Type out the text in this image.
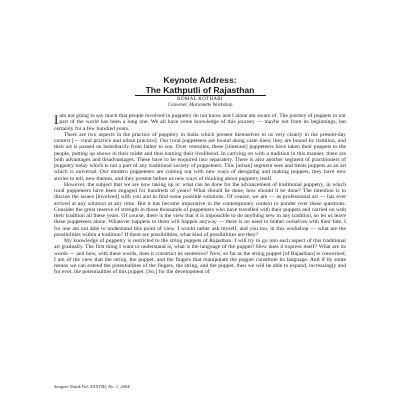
Keynote Address:
The Kathputli of Rajasthan

KOMAL KOTHARI

Convener, Marionette Workshop

Iam not going to say much that people involved in puppetry do not know and I alone am aware of. The journey of puppets in our part of the world has been a long one. We all have some knowledge of this journey — maybe not from its beginnings, but certainly for a few hundred years.

There are two aspects in the practice of puppetry in India which present themselves to us very clearly in the present-day context [— rural practice and urban practice]. Our rural puppeteers are bound along caste lines; they are bound by tradition, and their art is passed on hereditarily from father to son. Over centuries, these [itinerant] puppeteers have taken their puppets to the people, putting up shows in their midst and thus earning their livelihood. In carrying on with a tradition in this manner, there are both advantages and disadvantages. These have to be enquired into separately. There is also another segment of practitioners of puppetry today which is not a part of any traditional society of puppeteers. This [urban] segment sees and treats puppets as an art which is universal. Our modern puppeteers are coming out with new ways of designing and making puppets, they have new stories to tell, new themes, and they present before us new ways of thinking about puppetry itself.

However, the subject that we are now taking up is: what can be done for the advancement of traditional puppetry, in which rural puppeteers have been engaged for hundreds of years? What should be done, how should it be done? The intention is to discuss the issues [involved] with you and to find some possible solutions. Of course, we are — as professional art — has ever arrived at any solution at any time. But it has become imperative in the contemporary context to ponder over these questions. Consider the great reserve of strength in those thousands of puppeteers who have travelled with their puppets and carried on with their tradition all these years. Of course, there is the view that it is impossible to do anything new in any tradition, so let us leave these puppeteers alone. Whatever happens to them will happen anyway — there is no need to bother ourselves with their fate. I for one am not able to understand this point of view. I would rather ask myself, and you too, in this workshop — what are the possibilities within a tradition? If there are possibilities, what kind of possibilities are they?

My knowledge of puppetry is restricted to the string puppets of Rajasthan. I will try to go into each aspect of this traditional art gradually. The first thing I want to understand is, what is the language of the puppet? How does it express itself? What are its words — and how, with these words, does it construct its sentences? Now, so far as the string puppet [of Rajasthan] is concerned, I am of the view that the string, the puppet, and the fingers that manipulate the puppet constitute its language. And if by some means we can extend the potentialities of the fingers, the string, and the puppet, then we will be able to expand, increasingly and for ever, the potentialities of this puppet. [So,] for the development of

Sangeet Natak Vol. XXXVIII, No. 1, 2004
